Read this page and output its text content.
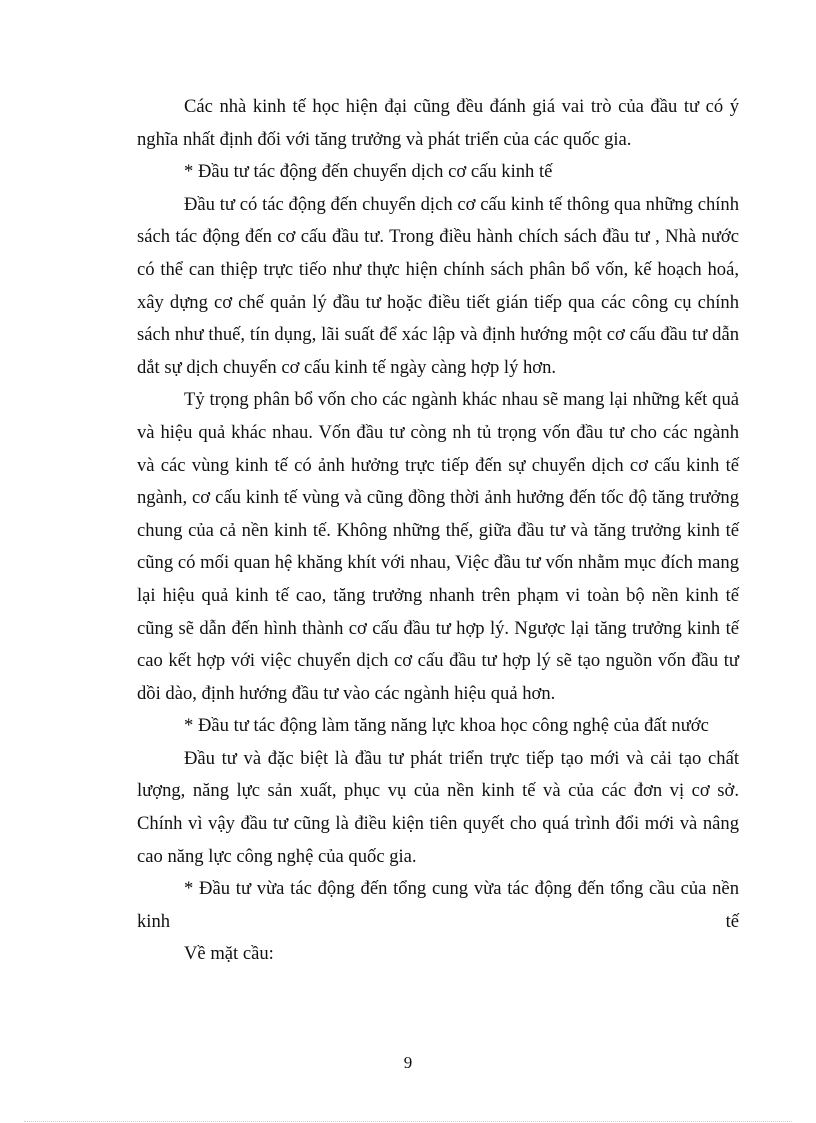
Các nhà kinh tế học hiện đại cũng đều đánh giá vai trò của đầu tư có ý nghĩa nhất định đối với tăng trưởng và phát triển của các quốc gia.

* Đầu tư tác động đến chuyển dịch cơ cấu kinh tế

Đầu tư có tác động đến chuyển dịch cơ cấu kinh tế thông qua những chính sách tác động đến cơ cấu đầu tư. Trong điều hành chích sách đầu tư , Nhà nước có thể can thiệp trực tiếo như thực hiện chính sách phân bổ vốn, kế hoạch hoá, xây dựng cơ chế quản lý đầu tư hoặc điều tiết gián tiếp qua các công cụ chính sách như thuế, tín dụng, lãi suất để xác lập và định hướng một cơ cấu đầu tư dẫn dắt sự dịch chuyển cơ cấu kinh tế ngày càng hợp lý hơn.

Tỷ trọng phân bổ vốn cho các ngành khác nhau sẽ mang lại những kết quả và hiệu quả khác nhau. Vốn đầu tư còng nh tủ trọng vốn đầu tư cho các ngành và các vùng kinh tế có ảnh hưởng trực tiếp đến sự chuyển dịch cơ cấu kinh tế ngành, cơ cấu kinh tế vùng và cũng đồng thời ảnh hưởng đến tốc độ tăng trưởng chung của cả nền kinh tế. Không những thế, giữa đầu tư và tăng trưởng kinh tế cũng có mối quan hệ khăng khít với nhau, Việc đầu tư vốn nhằm mục đích mang lại hiệu quả kinh tế cao, tăng trưởng nhanh trên phạm vi toàn bộ nền kinh tế cũng sẽ dẫn đến hình thành cơ cấu đầu tư hợp lý. Ngược lại tăng trưởng kinh tế cao kết hợp với việc chuyển dịch cơ cấu đầu tư hợp lý sẽ tạo nguồn vốn đầu tư dồi dào, định hướng đầu tư vào các ngành hiệu quả hơn.

* Đầu tư tác động làm tăng năng lực khoa học công nghệ của đất nước

Đầu tư và đặc biệt là đầu tư phát triển trực tiếp tạo mới và cải tạo chất lượng, năng lực sản xuất, phục vụ của nền kinh tế và của các đơn vị cơ sở. Chính vì vậy đầu tư cũng là điều kiện tiên quyết cho quá trình đổi mới và nâng cao năng lực công nghệ của quốc gia.

* Đầu tư vừa tác động đến tổng cung vừa tác động đến tổng cầu của nền kinh tế

Về mặt cầu:

9
